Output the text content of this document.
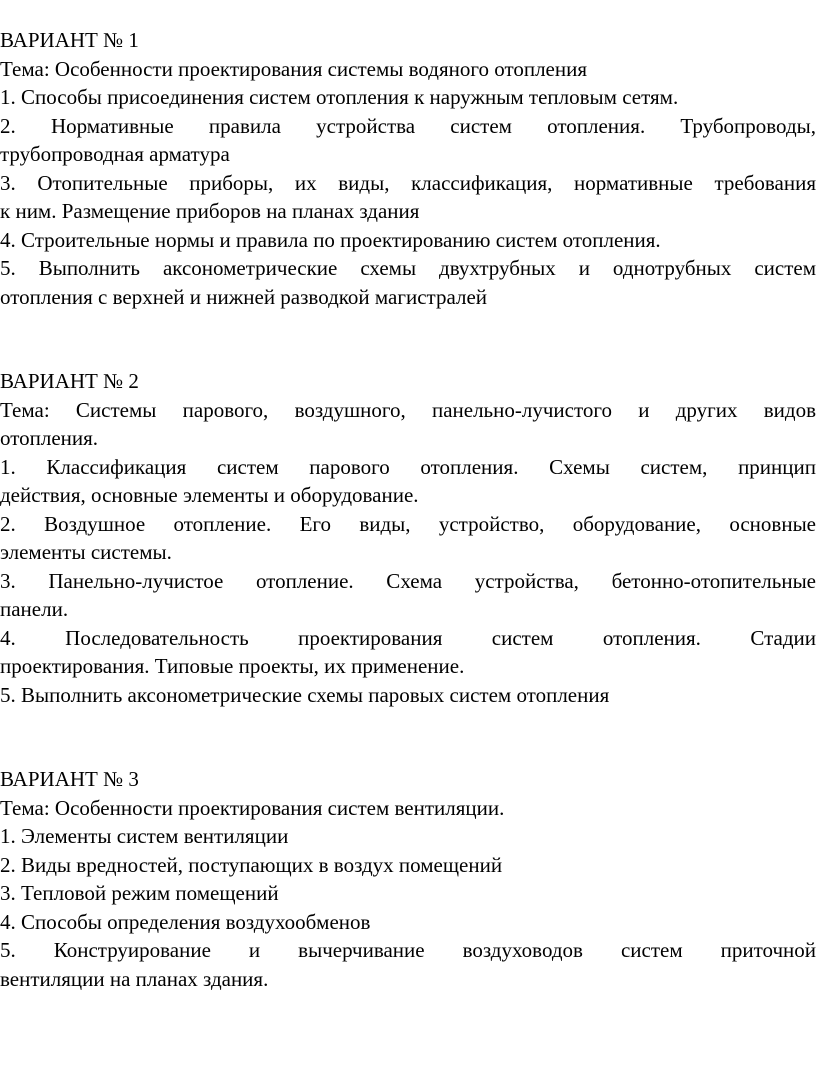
ВАРИАНТ № 1
Тема: Особенности проектирования системы водяного отопления
1. Способы присоединения систем отопления к наружным тепловым сетям.
2. Нормативные правила устройства систем отопления. Трубопроводы,
трубопроводная арматура
3. Отопительные приборы, их виды, классификация, нормативные требования
к ним. Размещение приборов на планах здания
4. Строительные нормы и правила по проектированию систем отопления.
5. Выполнить аксонометрические схемы двухтрубных и однотрубных систем
отопления с верхней и нижней разводкой магистралей
ВАРИАНТ № 2
Тема: Системы парового, воздушного, панельно-лучистого и других видов
отопления.
1. Классификация систем парового отопления. Схемы систем, принцип
действия, основные элементы и оборудование.
2. Воздушное отопление. Его виды, устройство, оборудование, основные
элементы системы.
3. Панельно-лучистое отопление. Схема устройства, бетонно-отопительные
панели.
4. Последовательность проектирования систем отопления. Стадии
проектирования. Типовые проекты, их применение.
5. Выполнить аксонометрические схемы паровых систем отопления
ВАРИАНТ № 3
Тема: Особенности проектирования систем вентиляции.
1. Элементы систем вентиляции
2. Виды вредностей, поступающих в воздух помещений
3. Тепловой режим помещений
4. Способы определения воздухообменов
5. Конструирование и вычерчивание воздуховодов систем приточной
вентиляции на планах здания.
